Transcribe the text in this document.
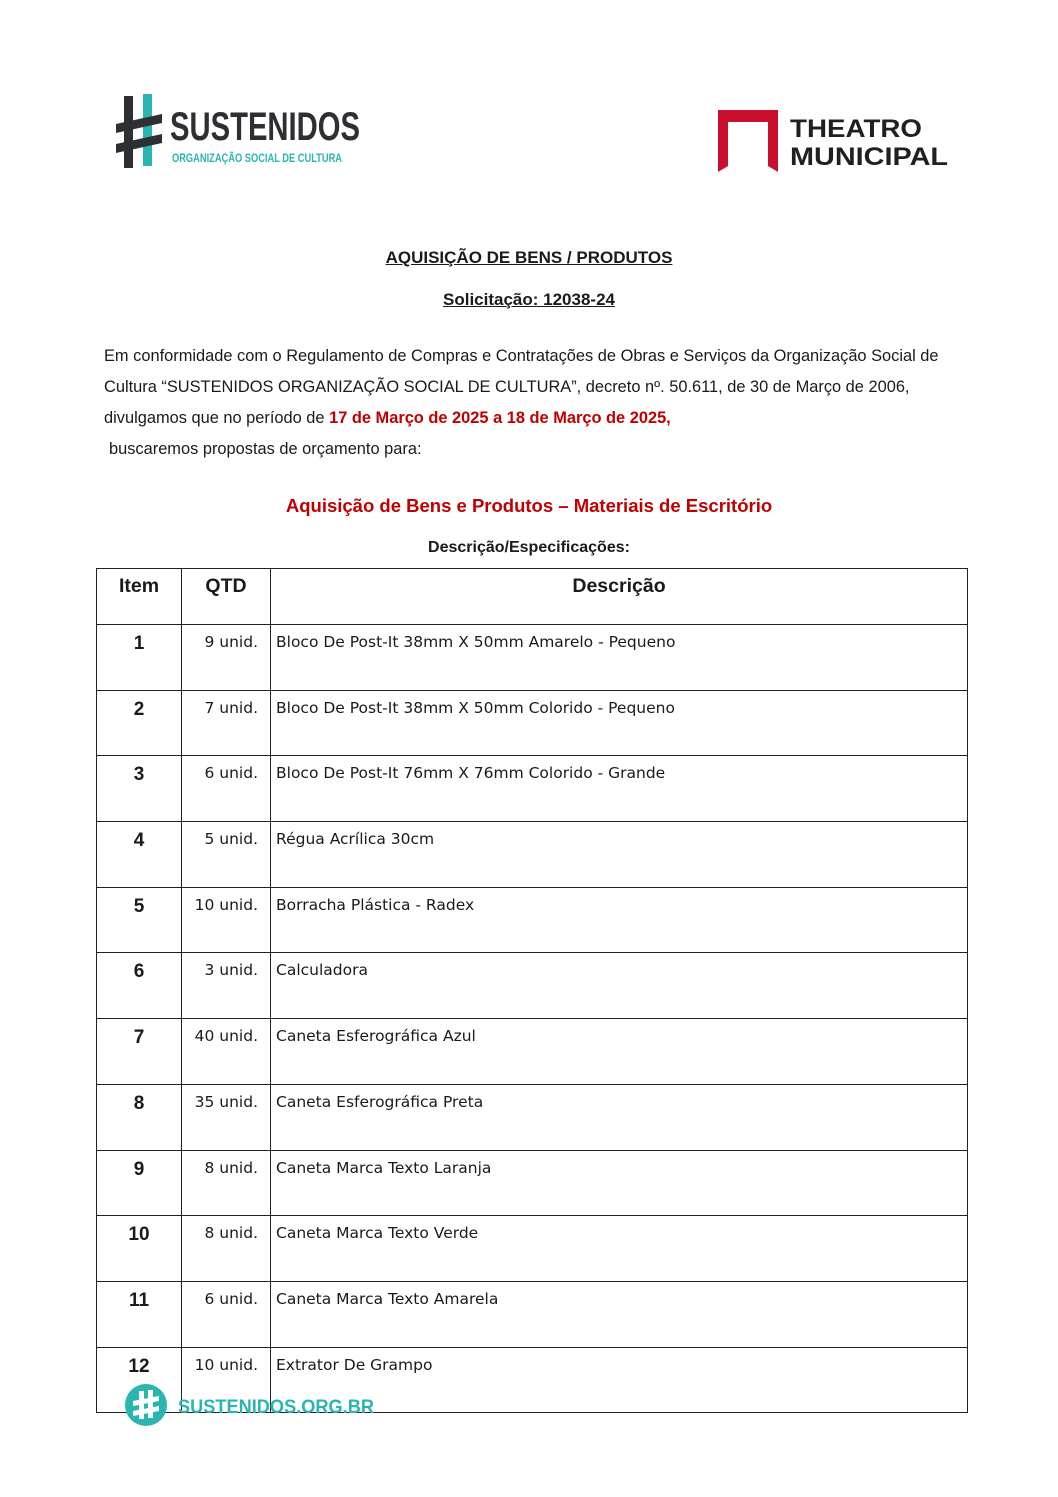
SUSTENIDOS
ORGANIZAÇÃO SOCIAL DE CULTURA
THEATRO
MUNICIPAL

AQUISIÇÃO DE BENS / PRODUTOS

Solicitação: 12038-24

Em conformidade com o Regulamento de Compras e Contratações de Obras e Serviços da Organização Social de Cultura “SUSTENIDOS ORGANIZAÇÃO SOCIAL DE CULTURA”, decreto nº. 50.611, de 30 de Março de 2006, divulgamos que no período de 17 de Março de 2025 a 18 de Março de 2025,
buscaremos propostas de orçamento para:

Aquisição de Bens e Produtos – Materiais de Escritório

Descrição/Especificações:

Item	QTD	Descrição
1	9 unid.	Bloco De Post-It 38mm X 50mm Amarelo - Pequeno
2	7 unid.	Bloco De Post-It 38mm X 50mm Colorido - Pequeno
3	6 unid.	Bloco De Post-It 76mm X 76mm Colorido - Grande
4	5 unid.	Régua Acrílica 30cm
5	10 unid.	Borracha Plástica - Radex
6	3 unid.	Calculadora
7	40 unid.	Caneta Esferográfica Azul
8	35 unid.	Caneta Esferográfica Preta
9	8 unid.	Caneta Marca Texto Laranja
10	8 unid.	Caneta Marca Texto Verde
11	6 unid.	Caneta Marca Texto Amarela
12	10 unid.	Extrator De Grampo
SUSTENIDOS.ORG.BR
